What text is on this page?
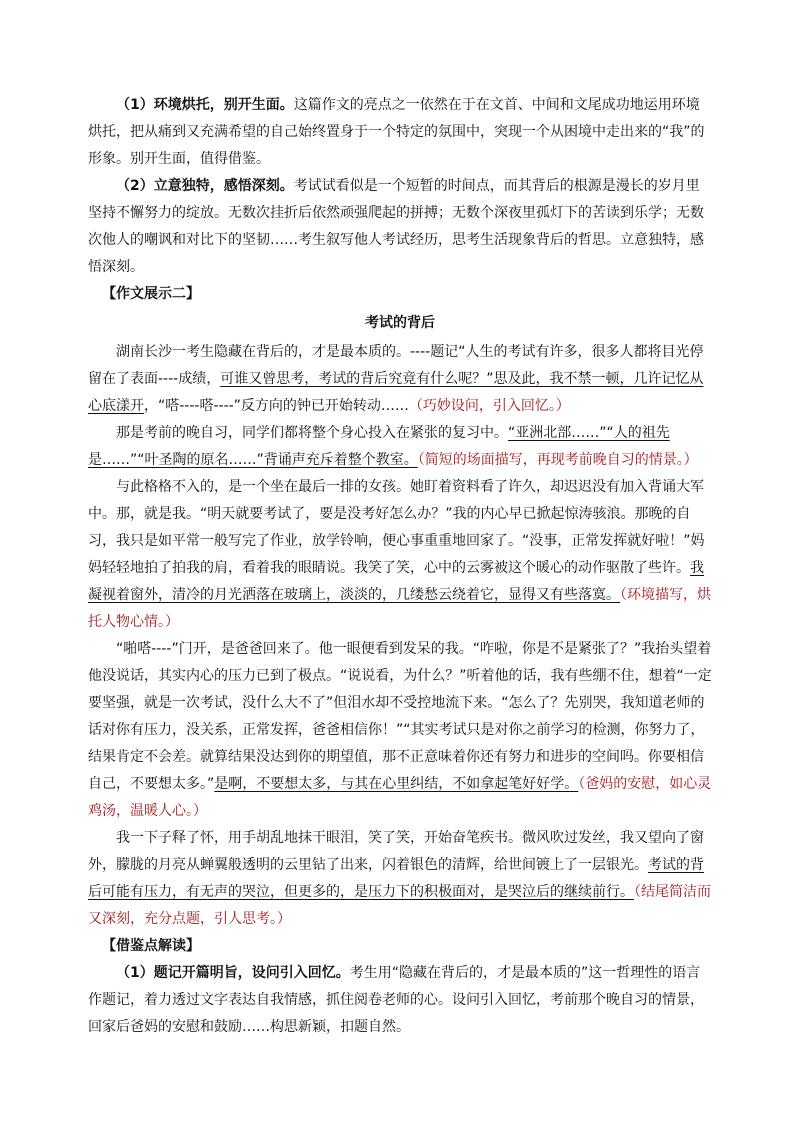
（1）环境烘托，别开生面。这篇作文的亮点之一依然在于在文首、中间和文尾成功地运用环境烘托，把从痛到又充满希望的自己始终置身于一个特定的氛围中，突现一个从困境中走出来的“我”的形象。别开生面，值得借鉴。

（2）立意独特，感悟深刻。考试试看似是一个短暂的时间点，而其背后的根源是漫长的岁月里坚持不懈努力的绽放。无数次挂折后依然顽强爬起的拼搏；无数个深夜里孤灯下的苦读到乐学；无数次他人的嘲讽和对比下的坚韧……考生叙写他人考试经历，思考生活现象背后的哲思。立意独特，感悟深刻。

【作文展示二】

考试的背后

湖南长沙一考生隐藏在背后的，才是最本质的。----题记“人生的考试有许多，很多人都将目光停留在了表面----成绩，可谁又曾思考，考试的背后究竟有什么呢？”思及此，我不禁一顿，几许记忆从心底漾开，“嗒----嗒----”反方向的钟已开始转动……（巧妙设问，引入回忆。）

那是考前的晚自习，同学们都将整个身心投入在紧张的复习中。“亚洲北部……”“人的祖先是……”“叶圣陶的原名……”背诵声充斥着整个教室。（简短的场面描写，再现考前晚自习的情景。）

与此格格不入的，是一个坐在最后一排的女孩。她盯着资料看了许久，却迟迟没有加入背诵大军中。那，就是我。“明天就要考试了，要是没考好怎么办？”我的内心早已掀起惊涛骇浪。那晚的自习，我只是如平常一般写完了作业，放学铃响，便心事重重地回家了。“没事，正常发挥就好啦！”妈妈轻轻地拍了拍我的肩，看着我的眼睛说。我笑了笑，心中的云雾被这个暖心的动作驱散了些许。我凝视着窗外，清冷的月光洒落在玻璃上，淡淡的，几缕愁云绕着它，显得又有些落寞。（环境描写，烘托人物心情。）

“啪嗒----”门开，是爸爸回来了。他一眼便看到发呆的我。“咋啦，你是不是紧张了？”我抬头望着他没说话，其实内心的压力已到了极点。“说说看，为什么？”听着他的话，我有些绷不住，想着“一定要坚强，就是一次考试，没什么大不了”但泪水却不受控地流下来。“怎么了？先别哭，我知道老师的话对你有压力，没关系，正常发挥，爸爸相信你！”“其实考试只是对你之前学习的检测，你努力了，结果肯定不会差。就算结果没达到你的期望值，那不正意味着你还有努力和进步的空间吗。你要相信自己，不要想太多。”是啊，不要想太多，与其在心里纠结，不如拿起笔好好学。（爸妈的安慰，如心灵鸡汤，温暖人心。）

我一下子释了怀，用手胡乱地抹干眼泪，笑了笑，开始奋笔疾书。微风吹过发丝，我又望向了窗外，朦胧的月亮从蝉翼般透明的云里钻了出来，闪着银色的清辉，给世间镀上了一层银光。考试的背后可能有压力，有无声的哭泣，但更多的，是压力下的积极面对，是哭泣后的继续前行。（结尾简洁而又深刻，充分点题，引人思考。）

【借鉴点解读】

（1）题记开篇明旨，设问引入回忆。考生用“隐藏在背后的，才是最本质的”这一哲理性的语言作题记，着力透过文字表达自我情感，抓住阅卷老师的心。设问引入回忆，考前那个晚自习的情景，回家后爸妈的安慰和鼓励……构思新颖，扣题自然。
